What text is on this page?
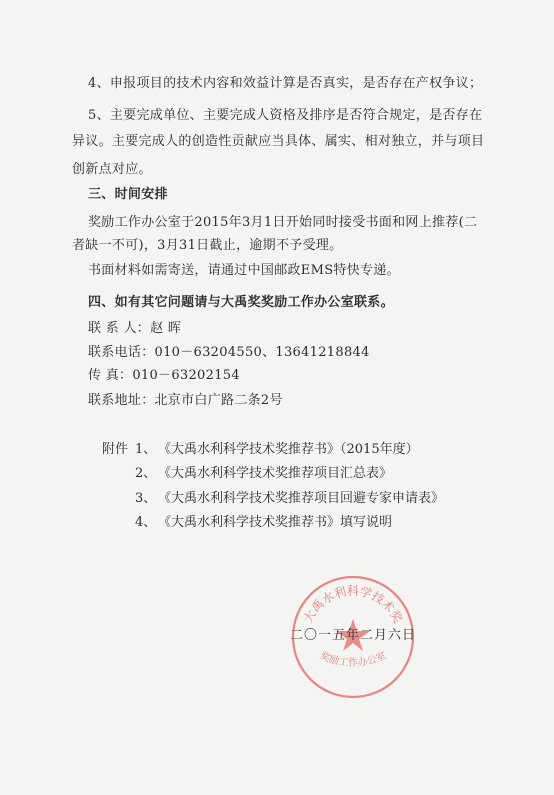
4、申报项目的技术内容和效益计算是否真实，是否存在产权争议；
5、主要完成单位、主要完成人资格及排序是否符合规定，是否存在
异议。主要完成人的创造性贡献应当具体、属实、相对独立，并与项目
创新点对应。
三、时间安排
奖励工作办公室于2015年3月1日开始同时接受书面和网上推荐(二
者缺一不可)，3月31日截止，逾期不予受理。
书面材料如需寄送，请通过中国邮政EMS特快专递。
四、如有其它问题请与大禹奖奖励工作办公室联系。
联 系 人：赵 晖
联系电话：010－63204550、13641218844
传 真：010－63202154
联系地址：北京市白广路二条2号
附件 1、 《大禹水利科学技术奖推荐书》（2015年度）
2、 《大禹水利科学技术奖推荐项目汇总表》
3、 《大禹水利科学技术奖推荐项目回避专家申请表》
4、 《大禹水利科学技术奖推荐书》填写说明
大禹水利科学技术奖
奖励工作办公室
二〇一五年二月六日
